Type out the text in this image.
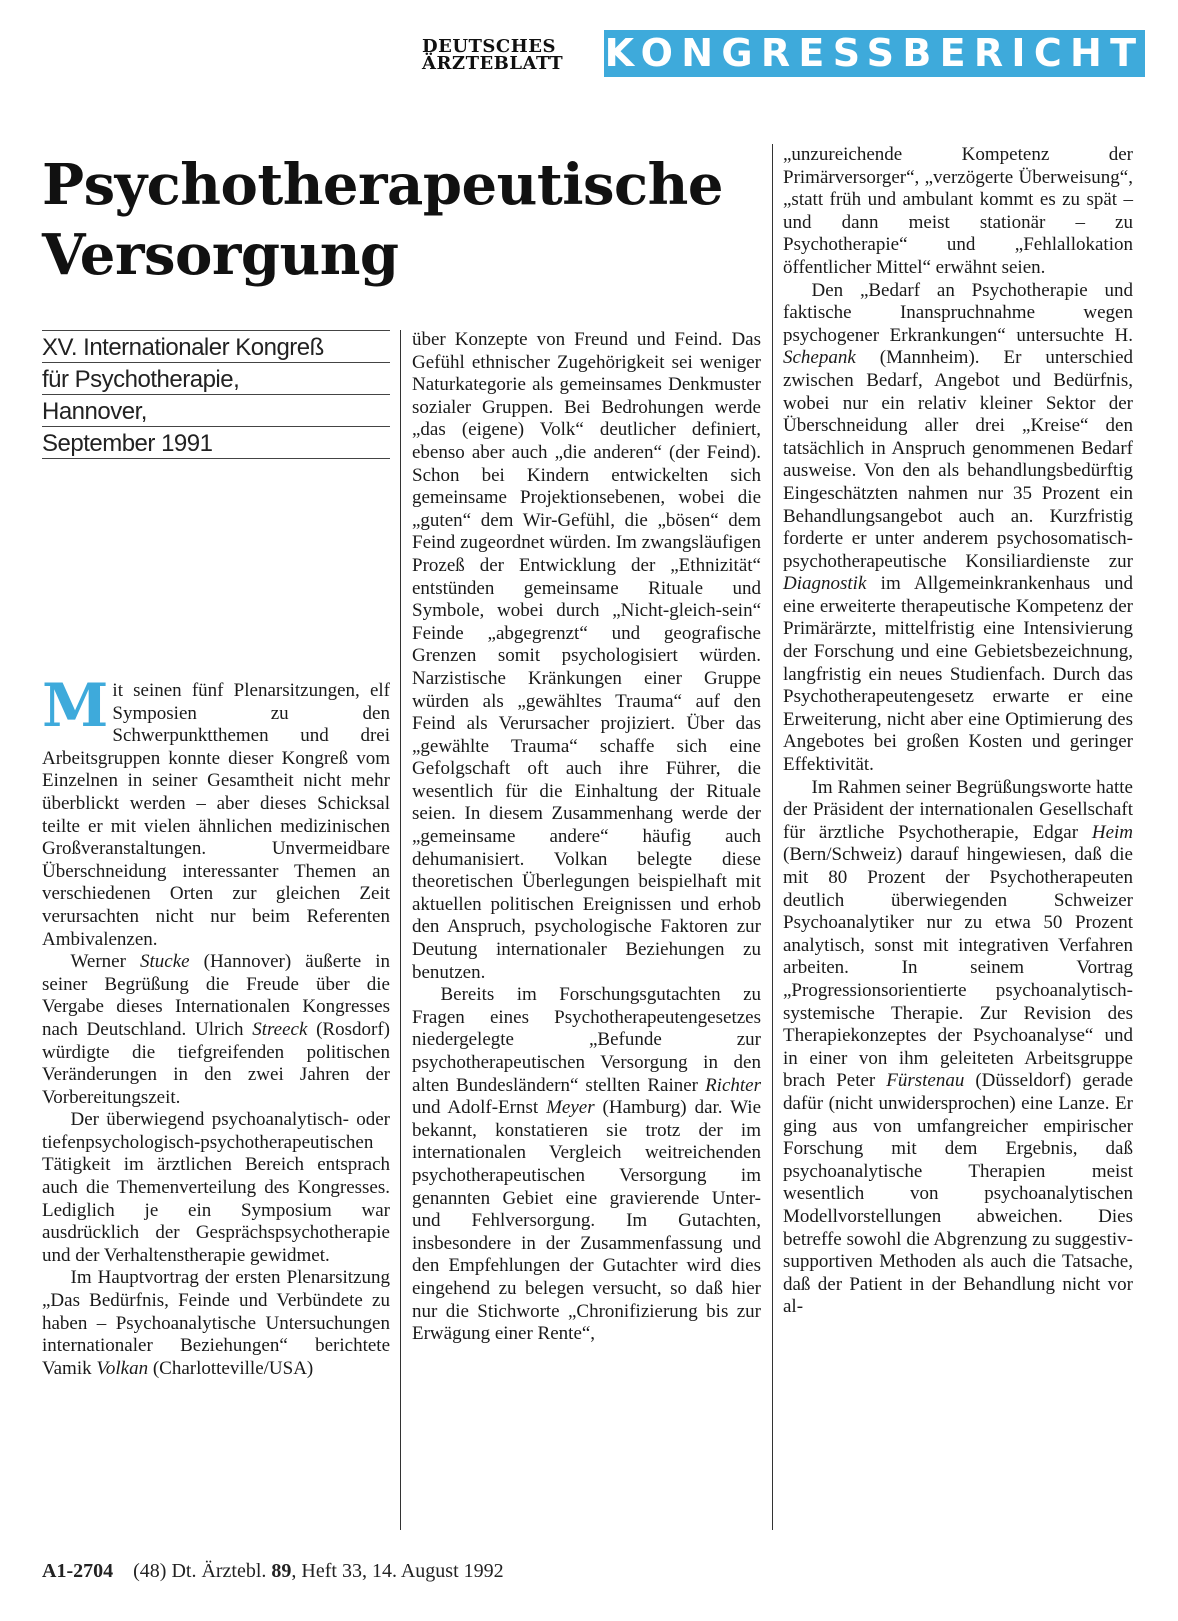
DEUTSCHES
ÄRZTEBLATT	KONGRESSBERICHT
Psychotherapeutische
Versorgung
XV. Internationaler Kongreß
für Psychotherapie,
Hannover,
September 1991

Mit seinen fünf Plenarsitzungen, elf Symposien zu den Schwerpunktthemen und drei Arbeitsgruppen konnte dieser Kongreß vom Einzelnen in seiner Gesamtheit nicht mehr überblickt werden – aber dieses Schicksal teilte er mit vielen ähnlichen medizinischen Großveranstaltungen. Unvermeidbare Überschneidung interessanter Themen an verschiedenen Orten zur gleichen Zeit verursachten nicht nur beim Referenten Ambivalenzen.

Werner Stucke (Hannover) äußerte in seiner Begrüßung die Freude über die Vergabe dieses Internationalen Kongresses nach Deutschland. Ulrich Streeck (Rosdorf) würdigte die tiefgreifenden politischen Veränderungen in den zwei Jahren der Vorbereitungszeit.

Der überwiegend psychoanalytisch- oder tiefenpsychologisch-psychotherapeutischen Tätigkeit im ärztlichen Bereich entsprach auch die Themenverteilung des Kongresses. Lediglich je ein Symposium war ausdrücklich der Gesprächspsychotherapie und der Verhaltenstherapie gewidmet.

Im Hauptvortrag der ersten Plenarsitzung „Das Bedürfnis, Feinde und Verbündete zu haben – Psychoanalytische Untersuchungen internationaler Beziehungen“ berichtete Vamik Volkan (Charlotteville/USA)

über Konzepte von Freund und Feind. Das Gefühl ethnischer Zugehörigkeit sei weniger Naturkategorie als gemeinsames Denkmuster sozialer Gruppen. Bei Bedrohungen werde „das (eigene) Volk“ deutlicher definiert, ebenso aber auch „die anderen“ (der Feind). Schon bei Kindern entwickelten sich gemeinsame Projektionsebenen, wobei die „guten“ dem Wir-Gefühl, die „bösen“ dem Feind zugeordnet würden. Im zwangsläufigen Prozeß der Entwicklung der „Ethnizität“ entstünden gemeinsame Rituale und Symbole, wobei durch „Nicht-gleich-sein“ Feinde „abgegrenzt“ und geografische Grenzen somit psychologisiert würden. Narzistische Kränkungen einer Gruppe würden als „gewähltes Trauma“ auf den Feind als Verursacher projiziert. Über das „gewählte Trauma“ schaffe sich eine Gefolgschaft oft auch ihre Führer, die wesentlich für die Einhaltung der Rituale seien. In diesem Zusammenhang werde der „gemeinsame andere“ häufig auch dehumanisiert. Volkan belegte diese theoretischen Überlegungen beispielhaft mit aktuellen politischen Ereignissen und erhob den Anspruch, psychologische Faktoren zur Deutung internationaler Beziehungen zu benutzen.

Bereits im Forschungsgutachten zu Fragen eines Psychotherapeutengesetzes niedergelegte „Befunde zur psychotherapeutischen Versorgung in den alten Bundesländern“ stellten Rainer Richter und Adolf-Ernst Meyer (Hamburg) dar. Wie bekannt, konstatieren sie trotz der im internationalen Vergleich weitreichenden psychotherapeutischen Versorgung im genannten Gebiet eine gravierende Unter- und Fehlversorgung. Im Gutachten, insbesondere in der Zusammenfassung und den Empfehlungen der Gutachter wird dies eingehend zu belegen versucht, so daß hier nur die Stichworte „Chronifizierung bis zur Erwägung einer Rente“,

„unzureichende Kompetenz der Primärversorger“, „verzögerte Überweisung“, „statt früh und ambulant kommt es zu spät – und dann meist stationär – zu Psychotherapie“ und „Fehlallokation öffentlicher Mittel“ erwähnt seien.

Den „Bedarf an Psychotherapie und faktische Inanspruchnahme wegen psychogener Erkrankungen“ untersuchte H. Schepank (Mannheim). Er unterschied zwischen Bedarf, Angebot und Bedürfnis, wobei nur ein relativ kleiner Sektor der Überschneidung aller drei „Kreise“ den tatsächlich in Anspruch genommenen Bedarf ausweise. Von den als behandlungsbedürftig Eingeschätzten nahmen nur 35 Prozent ein Behandlungsangebot auch an. Kurzfristig forderte er unter anderem psychosomatisch-psychotherapeutische Konsiliardienste zur Diagnostik im Allgemeinkrankenhaus und eine erweiterte therapeutische Kompetenz der Primärärzte, mittelfristig eine Intensivierung der Forschung und eine Gebietsbezeichnung, langfristig ein neues Studienfach. Durch das Psychotherapeutengesetz erwarte er eine Erweiterung, nicht aber eine Optimierung des Angebotes bei großen Kosten und geringer Effektivität.

Im Rahmen seiner Begrüßungsworte hatte der Präsident der internationalen Gesellschaft für ärztliche Psychotherapie, Edgar Heim (Bern/Schweiz) darauf hingewiesen, daß die mit 80 Prozent der Psychotherapeuten deutlich überwiegenden Schweizer Psychoanalytiker nur zu etwa 50 Prozent analytisch, sonst mit integrativen Verfahren arbeiten. In seinem Vortrag „Progressionsorientierte psychoanalytisch-systemische Therapie. Zur Revision des Therapiekonzeptes der Psychoanalyse“ und in einer von ihm geleiteten Arbeitsgruppe brach Peter Fürstenau (Düsseldorf) gerade dafür (nicht unwidersprochen) eine Lanze. Er ging aus von umfangreicher empirischer Forschung mit dem Ergebnis, daß psychoanalytische Therapien meist wesentlich von psychoanalytischen Modellvorstellungen abweichen. Dies betreffe sowohl die Abgrenzung zu suggestiv-supportiven Methoden als auch die Tatsache, daß der Patient in der Behandlung nicht vor al-

A1-2704 (48) Dt. Ärztebl. 89, Heft 33, 14. August 1992
